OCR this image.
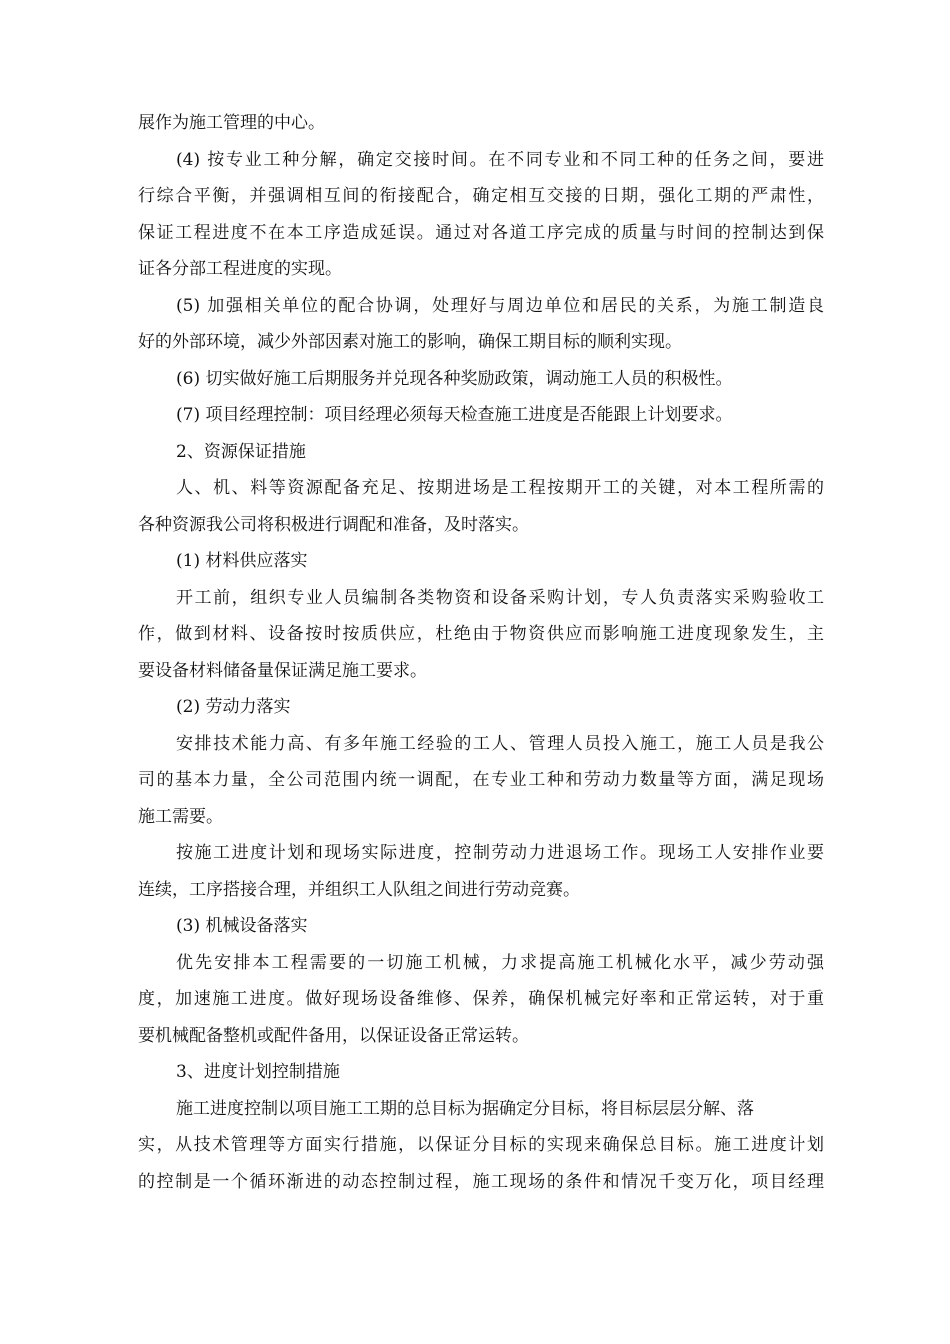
展作为施工管理的中心。
(4) 按专业工种分解，确定交接时间。在不同专业和不同工种的任务之间，要进
行综合平衡，并强调相互间的衔接配合，确定相互交接的日期，强化工期的严肃性，
保证工程进度不在本工序造成延误。通过对各道工序完成的质量与时间的控制达到保
证各分部工程进度的实现。
(5) 加强相关单位的配合协调，处理好与周边单位和居民的关系，为施工制造良
好的外部环境，减少外部因素对施工的影响，确保工期目标的顺利实现。
(6) 切实做好施工后期服务并兑现各种奖励政策，调动施工人员的积极性。
(7) 项目经理控制：项目经理必须每天检查施工进度是否能跟上计划要求。
2、资源保证措施
人、机、料等资源配备充足、按期进场是工程按期开工的关键，对本工程所需的
各种资源我公司将积极进行调配和准备，及时落实。
(1) 材料供应落实
开工前，组织专业人员编制各类物资和设备采购计划，专人负责落实采购验收工
作，做到材料、设备按时按质供应，杜绝由于物资供应而影响施工进度现象发生，主
要设备材料储备量保证满足施工要求。
(2) 劳动力落实
安排技术能力高、有多年施工经验的工人、管理人员投入施工，施工人员是我公
司的基本力量，全公司范围内统一调配，在专业工种和劳动力数量等方面，满足现场
施工需要。
按施工进度计划和现场实际进度，控制劳动力进退场工作。现场工人安排作业要
连续，工序搭接合理，并组织工人队组之间进行劳动竞赛。
(3) 机械设备落实
优先安排本工程需要的一切施工机械，力求提高施工机械化水平，减少劳动强
度，加速施工进度。做好现场设备维修、保养，确保机械完好率和正常运转，对于重
要机械配备整机或配件备用，以保证设备正常运转。
3、进度计划控制措施
施工进度控制以项目施工工期的总目标为据确定分目标，将目标层层分解、落
实，从技术管理等方面实行措施，以保证分目标的实现来确保总目标。施工进度计划
的控制是一个循环渐进的动态控制过程，施工现场的条件和情况千变万化，项目经理
